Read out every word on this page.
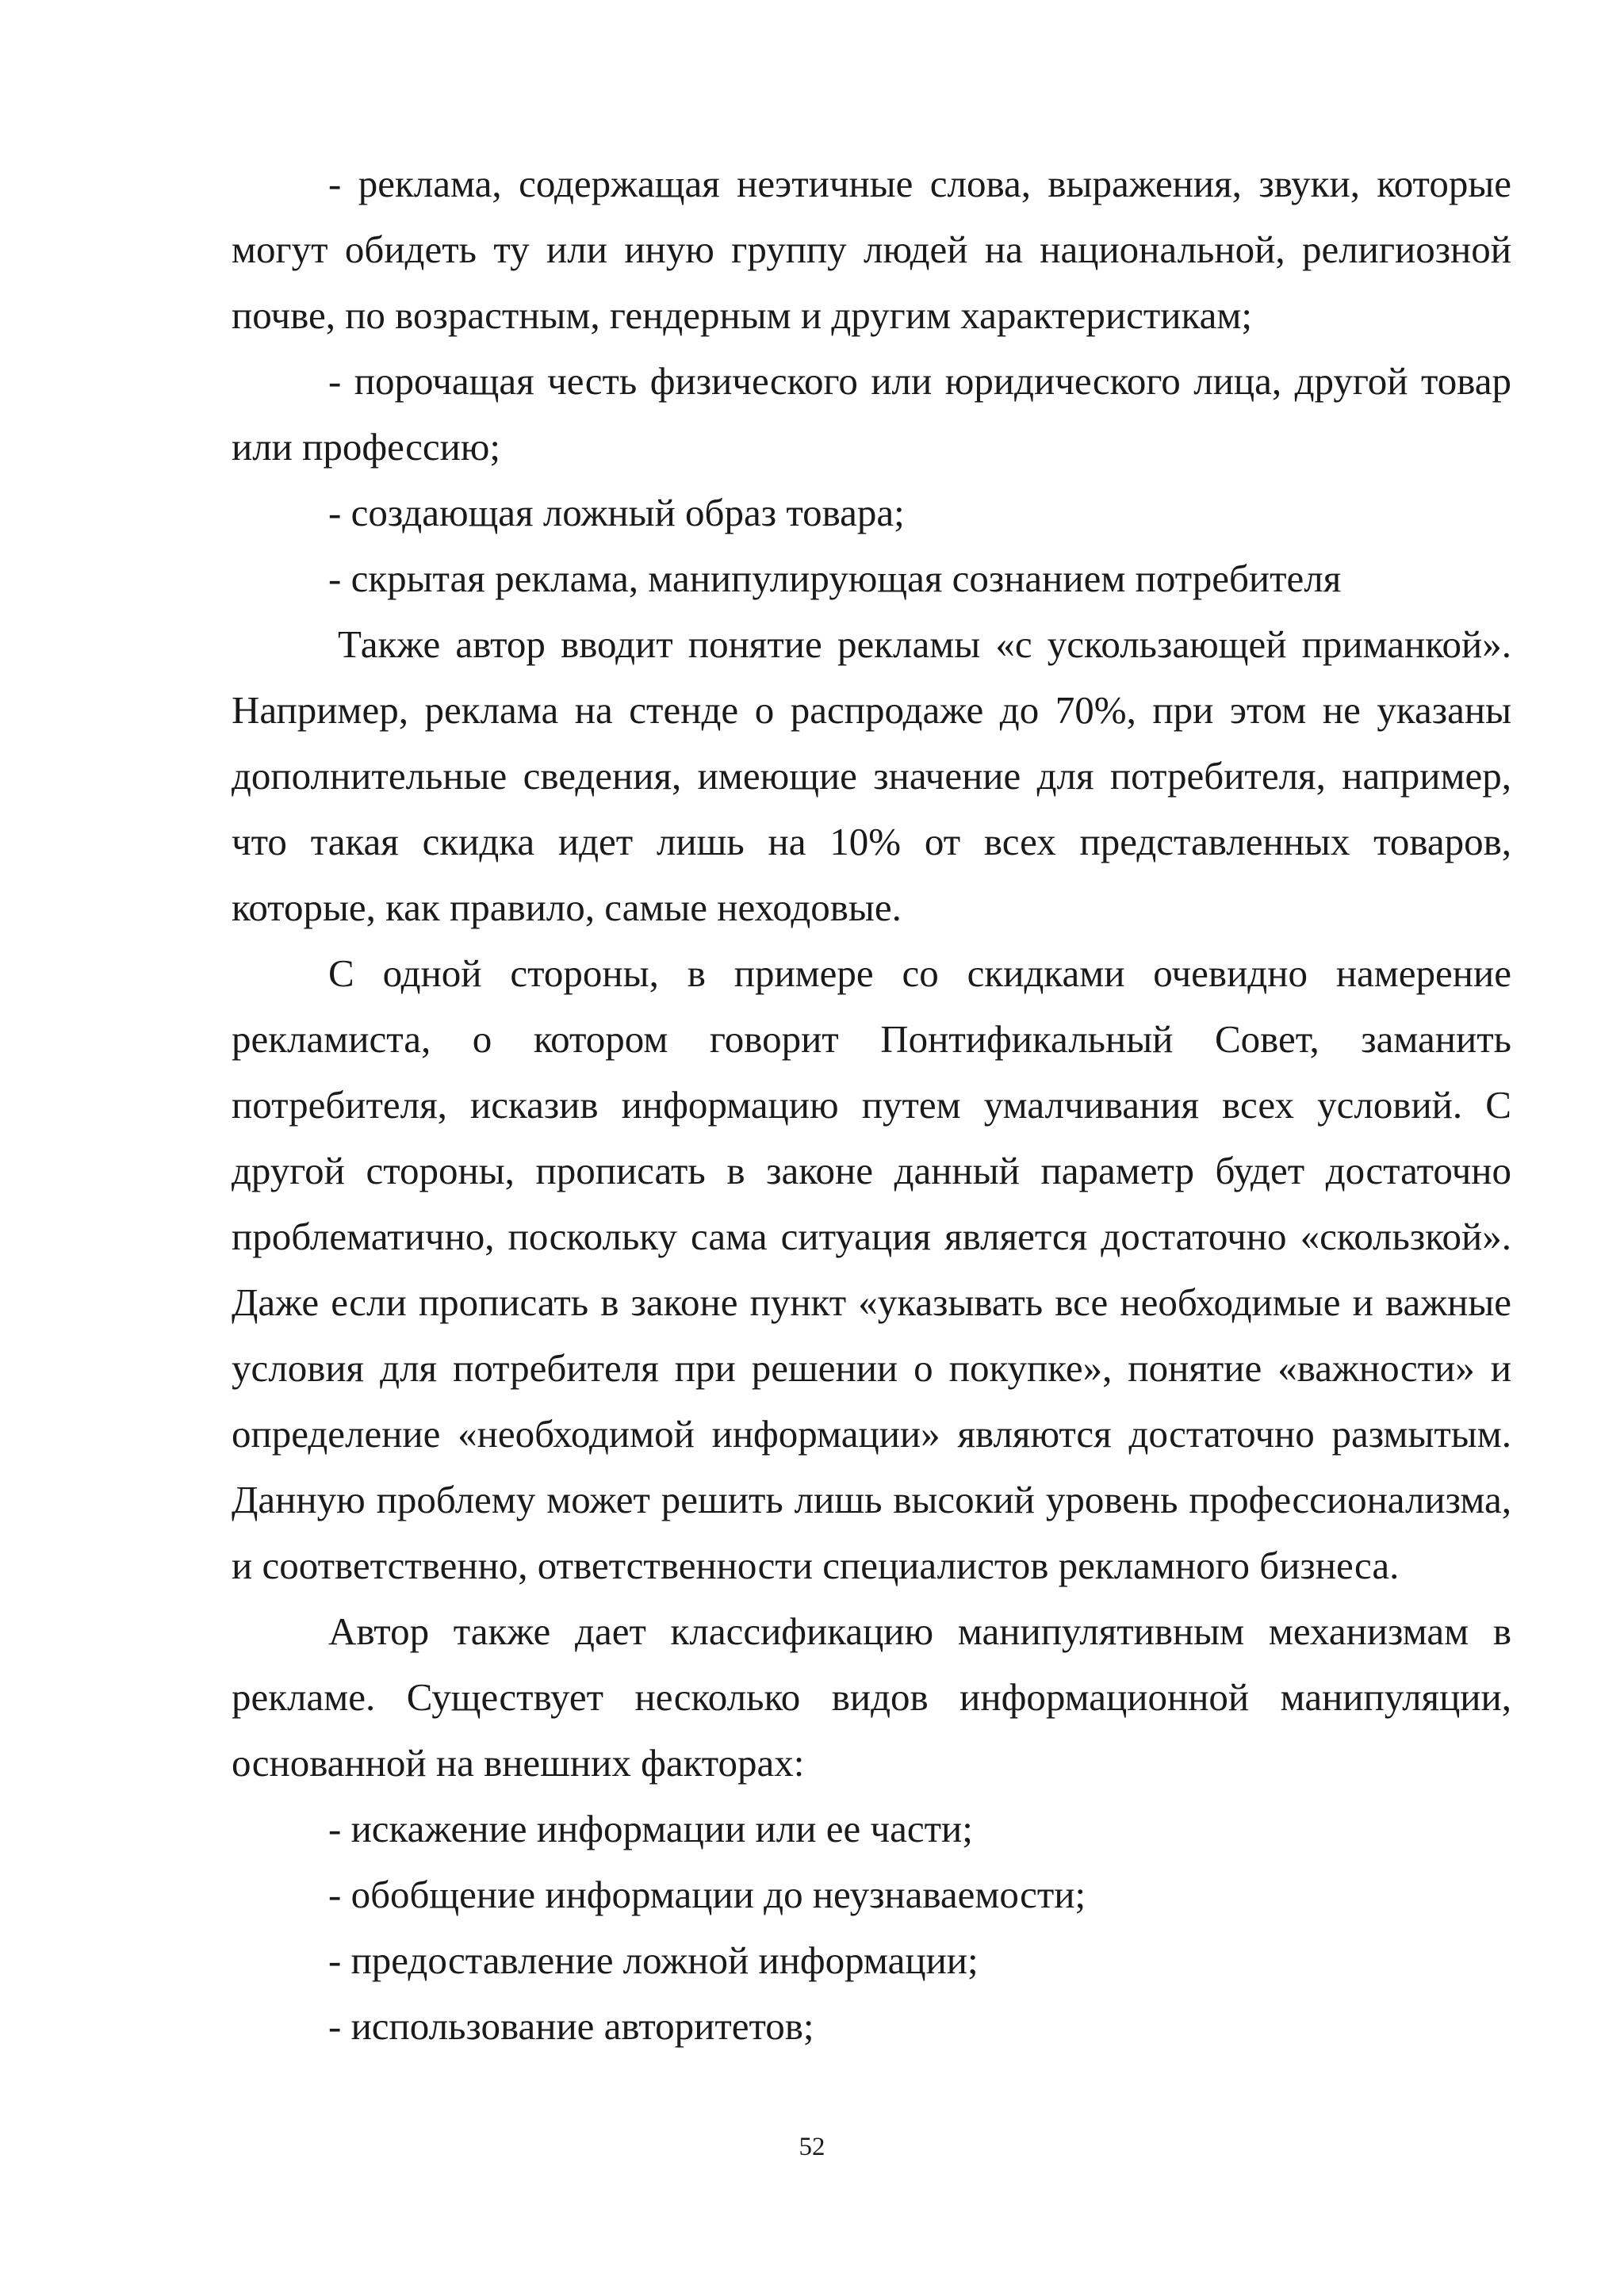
- реклама, содержащая неэтичные слова, выражения, звуки, которые могут обидеть ту или иную группу людей на национальной, религиозной почве, по возрастным, гендерным и другим характеристикам;

- порочащая честь физического или юридического лица, другой товар или профессию;

- создающая ложный образ товара;

- скрытая реклама, манипулирующая сознанием потребителя

Также автор вводит понятие рекламы «с ускользающей приманкой». Например, реклама на стенде о распродаже до 70%, при этом не указаны дополнительные сведения, имеющие значение для потребителя, например, что такая скидка идет лишь на 10% от всех представленных товаров, которые, как правило, самые неходовые.

С одной стороны, в примере со скидками очевидно намерение рекламиста, о котором говорит Понтификальный Совет, заманить потребителя, исказив информацию путем умалчивания всех условий. С другой стороны, прописать в законе данный параметр будет достаточно проблематично, поскольку сама ситуация является достаточно «скользкой». Даже если прописать в законе пункт «указывать все необходимые и важные условия для потребителя при решении о покупке», понятие «важности» и определение «необходимой информации» являются достаточно размытым. Данную проблему может решить лишь высокий уровень профессионализма, и соответственно, ответственности специалистов рекламного бизнеса.

Автор также дает классификацию манипулятивным механизмам в рекламе. Существует несколько видов информационной манипуляции, основанной на внешних факторах:

- искажение информации или ее части;

- обобщение информации до неузнаваемости;

- предоставление ложной информации;

- использование авторитетов;

52
